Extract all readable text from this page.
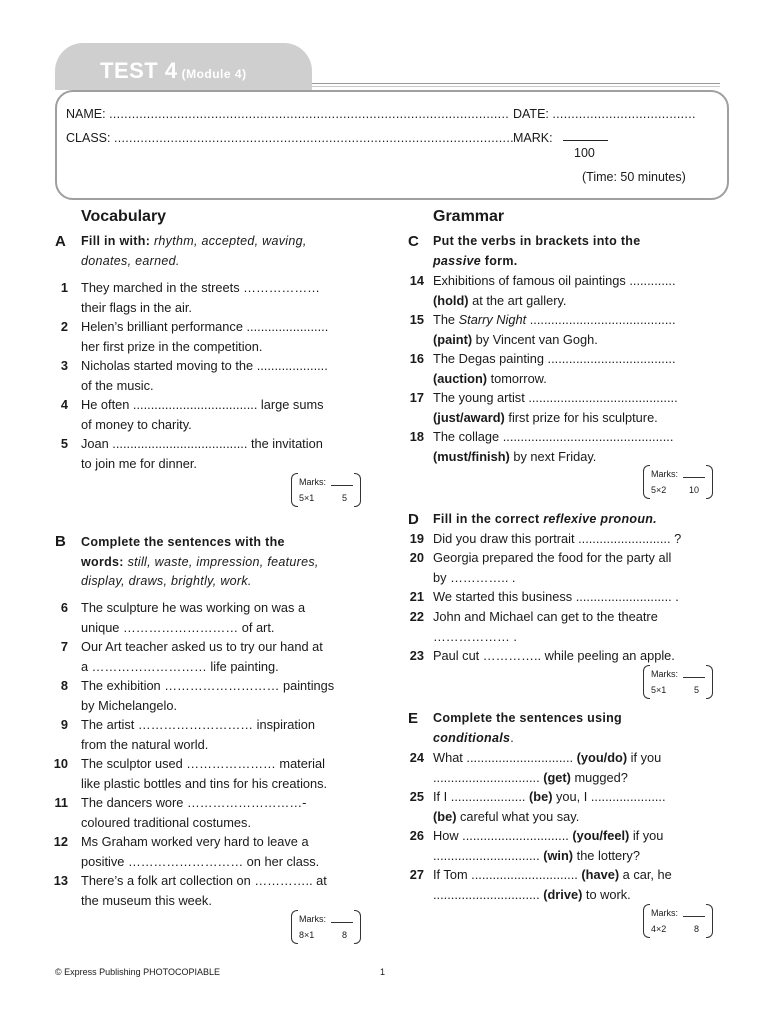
TEST 4 (Module 4)
NAME: .......................................................................................................... DATE: ......................................
CLASS: .......................................................................................................... MARK:
100
(Time: 50 minutes)
Vocabulary
A Fill in with: rhythm, accepted, waving,
donates, earned.
1 They marched in the streets ………………
their flags in the air.
2 Helen’s brilliant performance .......................
her first prize in the competition.
3 Nicholas started moving to the ....................
of the music.
4 He often ................................... large sums
of money to charity.
5 Joan ...................................... the invitation
to join me for dinner.
Marks:
5×1	5
B Complete the sentences with the
words: still, waste, impression, features,
display, draws, brightly, work.
6 The sculpture he was working on was a
unique ……………………… of art.
7 Our Art teacher asked us to try our hand at
a ……………………… life painting.
8 The exhibition ……………………… paintings
by Michelangelo.
9 The artist ……………………… inspiration
from the natural world.
10 The sculptor used ………………… material
like plastic bottles and tins for his creations.
11 The dancers wore ………………………-
coloured traditional costumes.
12 Ms Graham worked very hard to leave a
positive ……………………… on her class.
13 There’s a folk art collection on ………….. at
the museum this week.
Marks:
8×1	8
Grammar
C Put the verbs in brackets into the
passive form.
14 Exhibitions of famous oil paintings .............
(hold) at the art gallery.
15 The Starry Night .........................................
(paint) by Vincent van Gogh.
16 The Degas painting ....................................
(auction) tomorrow.
17 The young artist ..........................................
(just/award) first prize for his sculpture.
18 The collage ................................................
(must/finish) by next Friday.
Marks:
5×2	10
D Fill in the correct reflexive pronoun.
19 Did you draw this portrait .......................... ?
20 Georgia prepared the food for the party all
by ………….. .
21 We started this business ........................... .
22 John and Michael can get to the theatre
……………… .
23 Paul cut ………….. while peeling an apple.
Marks:
5×1	5
E Complete the sentences using
conditionals.
24 What .............................. (you/do) if you
.............................. (get) mugged?
25 If I ..................... (be) you, I .....................
(be) careful what you say.
26 How .............................. (you/feel) if you
.............................. (win) the lottery?
27 If Tom .............................. (have) a car, he
.............................. (drive) to work.
Marks:
4×2	8
© Express Publishing PHOTOCOPIABLE	1
